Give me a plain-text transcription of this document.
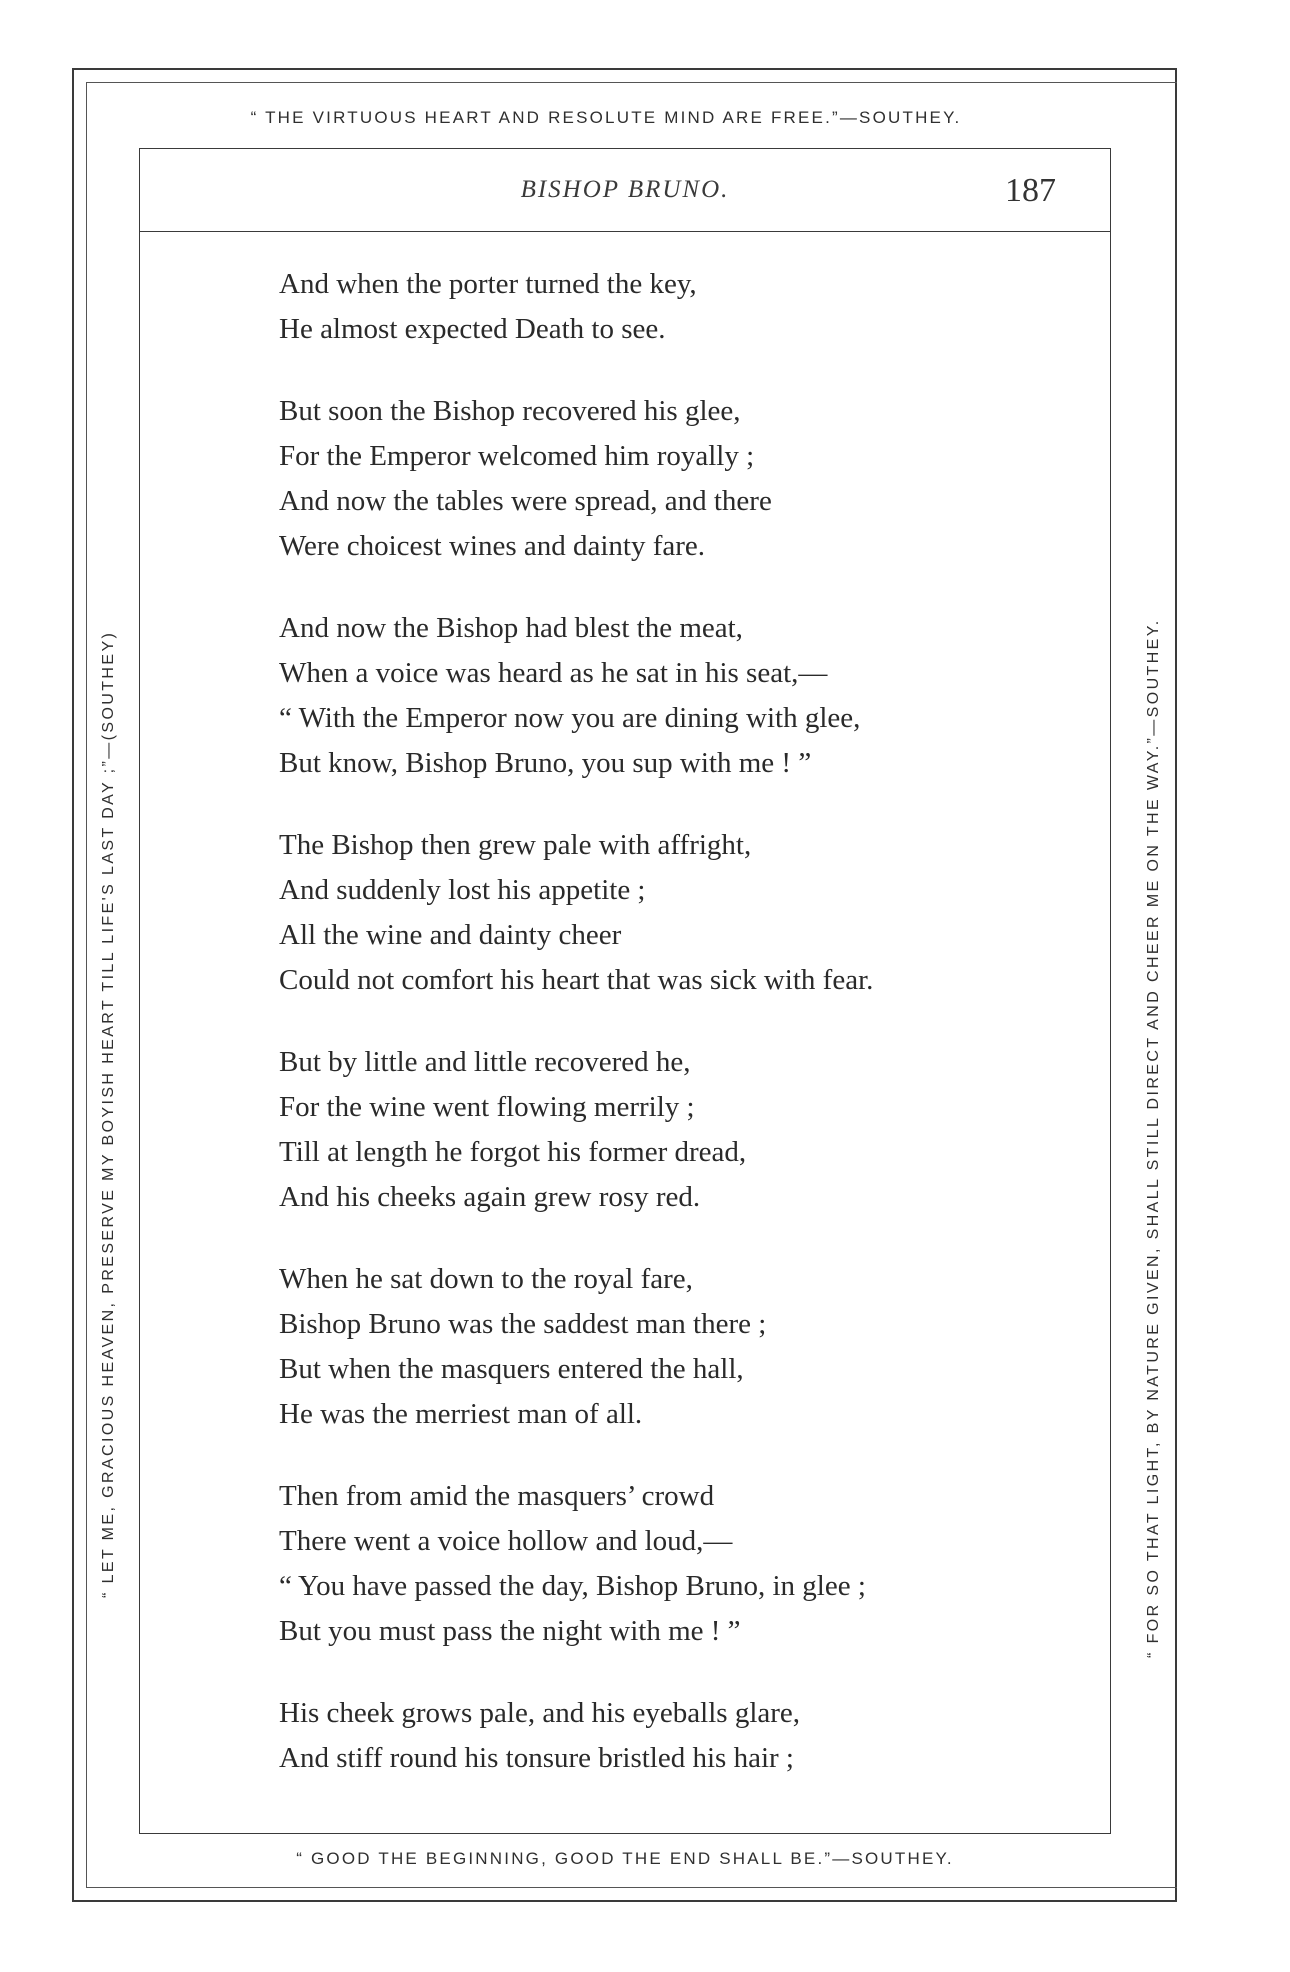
“ THE VIRTUOUS HEART AND RESOLUTE MIND ARE FREE.”—SOUTHEY.
“ GOOD THE BEGINNING, GOOD THE END SHALL BE.”—SOUTHEY.
“ LET ME, GRACIOUS HEAVEN, PRESERVE MY BOYISH HEART TILL LIFE'S LAST DAY ;”—(SOUTHEY)	“ FOR SO THAT LIGHT, BY NATURE GIVEN, SHALL STILL DIRECT AND CHEER ME ON THE WAY.”—SOUTHEY.
BISHOP BRUNO.	187

And when the porter turned the key,
He almost expected Death to see.

But soon the Bishop recovered his glee,
For the Emperor welcomed him royally ;
And now the tables were spread, and there
Were choicest wines and dainty fare.

And now the Bishop had blest the meat,
When a voice was heard as he sat in his seat,—
“ With the Emperor now you are dining with glee,
But know, Bishop Bruno, you sup with me ! ”

The Bishop then grew pale with affright,
And suddenly lost his appetite ;
All the wine and dainty cheer
Could not comfort his heart that was sick with fear.

But by little and little recovered he,
For the wine went flowing merrily ;
Till at length he forgot his former dread,
And his cheeks again grew rosy red.

When he sat down to the royal fare,
Bishop Bruno was the saddest man there ;
But when the masquers entered the hall,
He was the merriest man of all.

Then from amid the masquers’ crowd
There went a voice hollow and loud,—
“ You have passed the day, Bishop Bruno, in glee ;
But you must pass the night with me ! ”

His cheek grows pale, and his eyeballs glare,
And stiff round his tonsure bristled his hair ;
